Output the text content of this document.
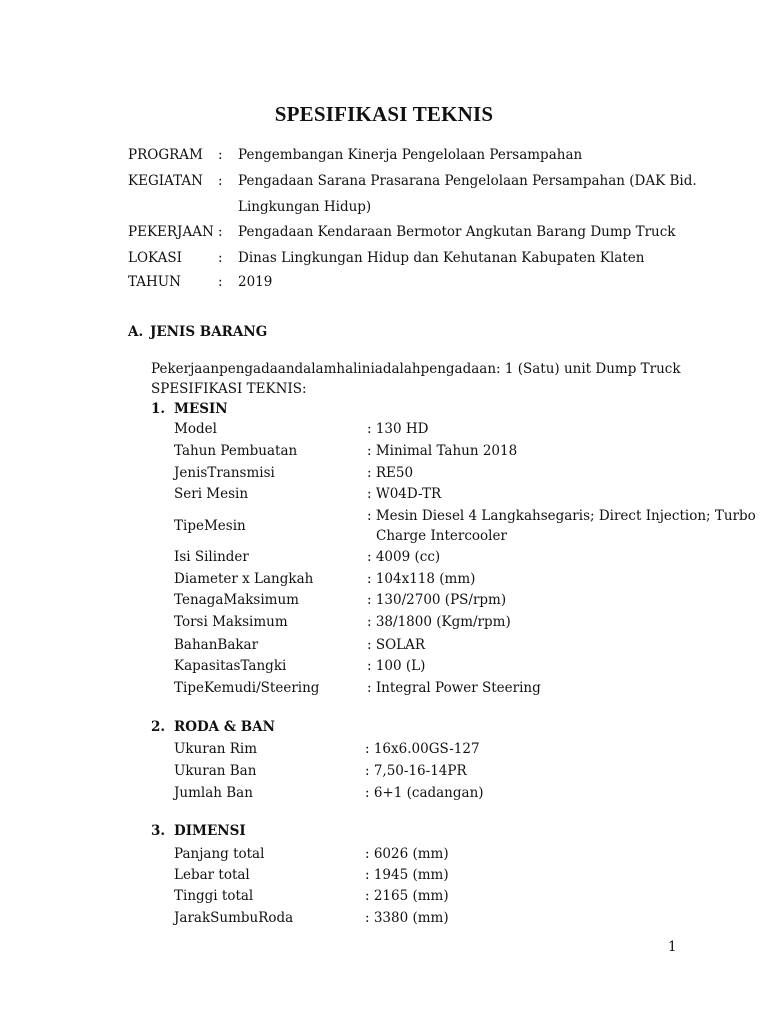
SPESIFIKASI TEKNIS
PROGRAM : Pengembangan Kinerja Pengelolaan Persampahan
KEGIATAN : Pengadaan Sarana Prasarana Pengelolaan Persampahan (DAK Bid.
Lingkungan Hidup)
PEKERJAAN : Pengadaan Kendaraan Bermotor Angkutan Barang Dump Truck
LOKASI	: Dinas Lingkungan Hidup dan Kehutanan Kabupaten Klaten
TAHUN	: 2019
A. JENIS BARANG
Pekerjaanpengadaandalamhaliniadalahpengadaan: 1 (Satu) unit Dump Truck
SPESIFIKASI TEKNIS:
1. MESIN
Model	: 130 HD
Tahun Pembuatan	: Minimal Tahun 2018
JenisTransmisi	: RE50
Seri Mesin	: W04D-TR
TipeMesin
: Mesin Diesel 4 Langkahsegaris; Direct Injection; Turbo
Charge Intercooler
Isi Silinder	: 4009 (cc)
Diameter x Langkah	: 104x118 (mm)
TenagaMaksimum	: 130/2700 (PS/rpm)
Torsi Maksimum	: 38/1800 (Kgm/rpm)
BahanBakar	: SOLAR
KapasitasTangki	: 100 (L)
TipeKemudi/Steering	: Integral Power Steering
2. RODA & BAN
Ukuran Rim	: 16x6.00GS-127
Ukuran Ban	: 7,50-16-14PR
Jumlah Ban	: 6+1 (cadangan)
3. DIMENSI
Panjang total	: 6026 (mm)
Lebar total	: 1945 (mm)
Tinggi total	: 2165 (mm)
JarakSumbuRoda	: 3380 (mm)
1
